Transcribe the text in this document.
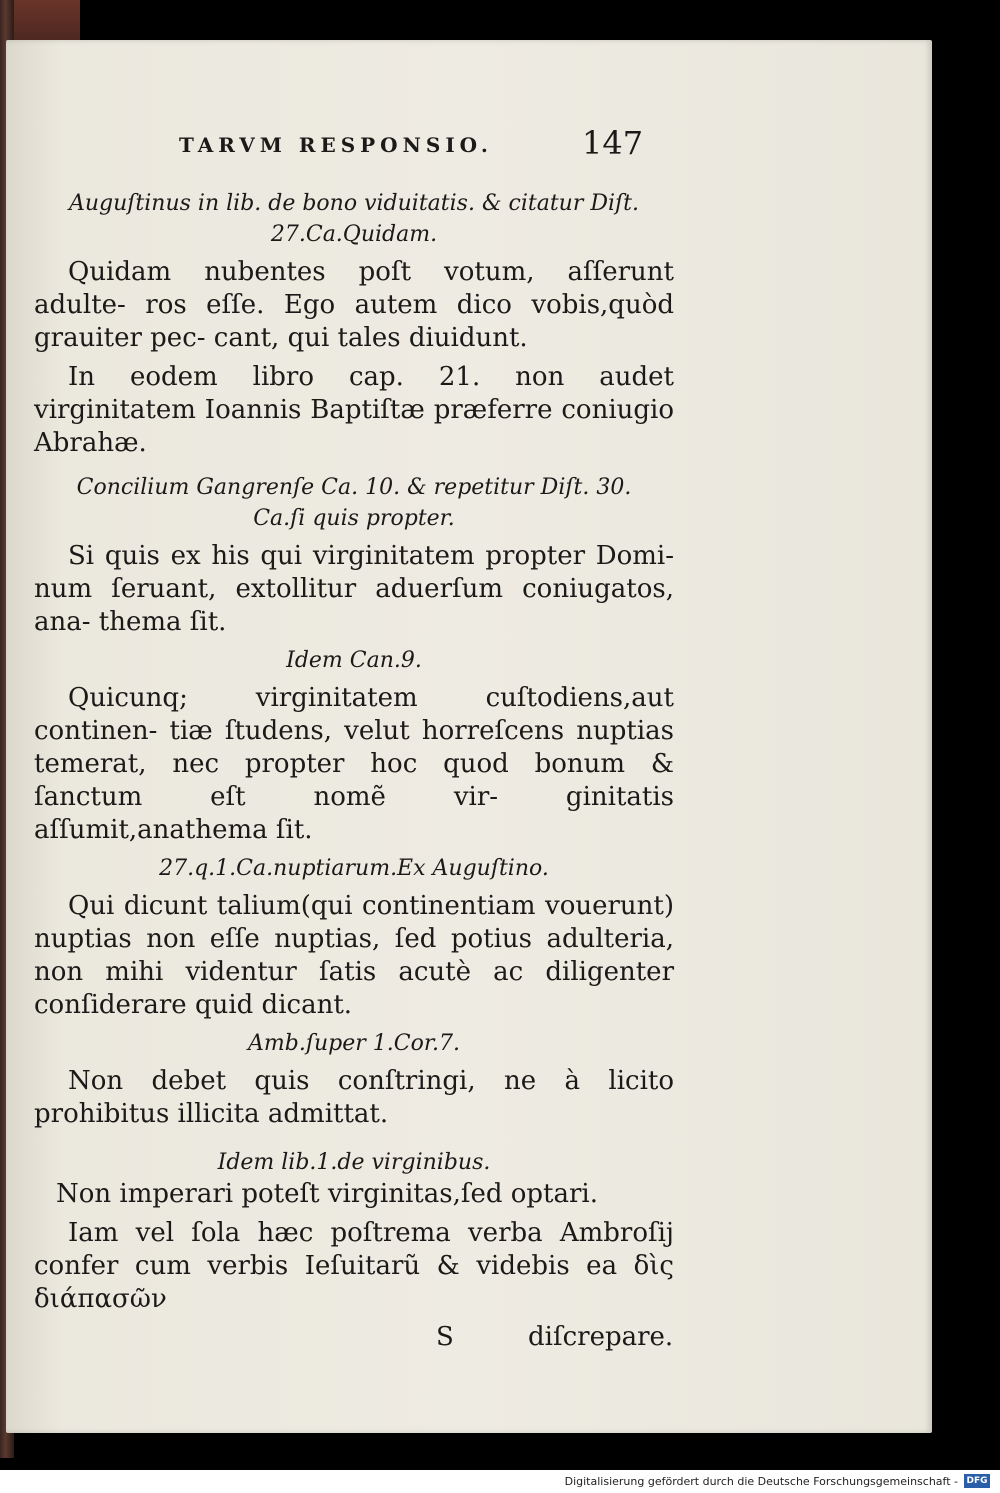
TARVM RESPONSIO.	147

Auguſtinus in lib. de bono viduitatis. & citatur Diſt.

27.Ca.Quidam.

Quidam nubentes poſt votum, aſſerunt adulte- ros eſſe. Ego autem dico vobis,quòd grauiter pec- cant, qui tales diuidunt.

In eodem libro cap. 21. non audet virginitatem Ioannis Baptiſtæ præferre coniugio Abrahæ.

Concilium Gangrenſe Ca. 10. & repetitur Diſt. 30.

Ca.ſi quis propter.

Si quis ex his qui virginitatem propter Domi- num ſeruant, extollitur aduerſum coniugatos, ana- thema ſit.

Idem Can.9.

Quicunq; virginitatem cuſtodiens,aut continen- tiæ ſtudens, velut horreſcens nuptias temerat, nec propter hoc quod bonum & ſanctum eſt nomẽ vir- ginitatis aſſumit,anathema ſit.

27.q.1.Ca.nuptiarum.Ex Auguſtino.

Qui dicunt talium(qui continentiam vouerunt) nuptias non eſſe nuptias, ſed potius adulteria, non mihi videntur ſatis acutè ac diligenter conſiderare quid dicant.

Amb.ſuper 1.Cor.7.

Non debet quis conſtringi, ne à licito prohibitus illicita admittat.

Idem lib.1.de virginibus.

Non imperari poteſt virginitas,ſed optari.

Iam vel ſola hæc poſtrema verba Ambroſij confer cum verbis Ieſuitarũ & videbis ea δὶς διάπασῶν

S	diſcrepare.
Digitalisierung gefördert durch die Deutsche Forschungsgemeinschaft - DFG
